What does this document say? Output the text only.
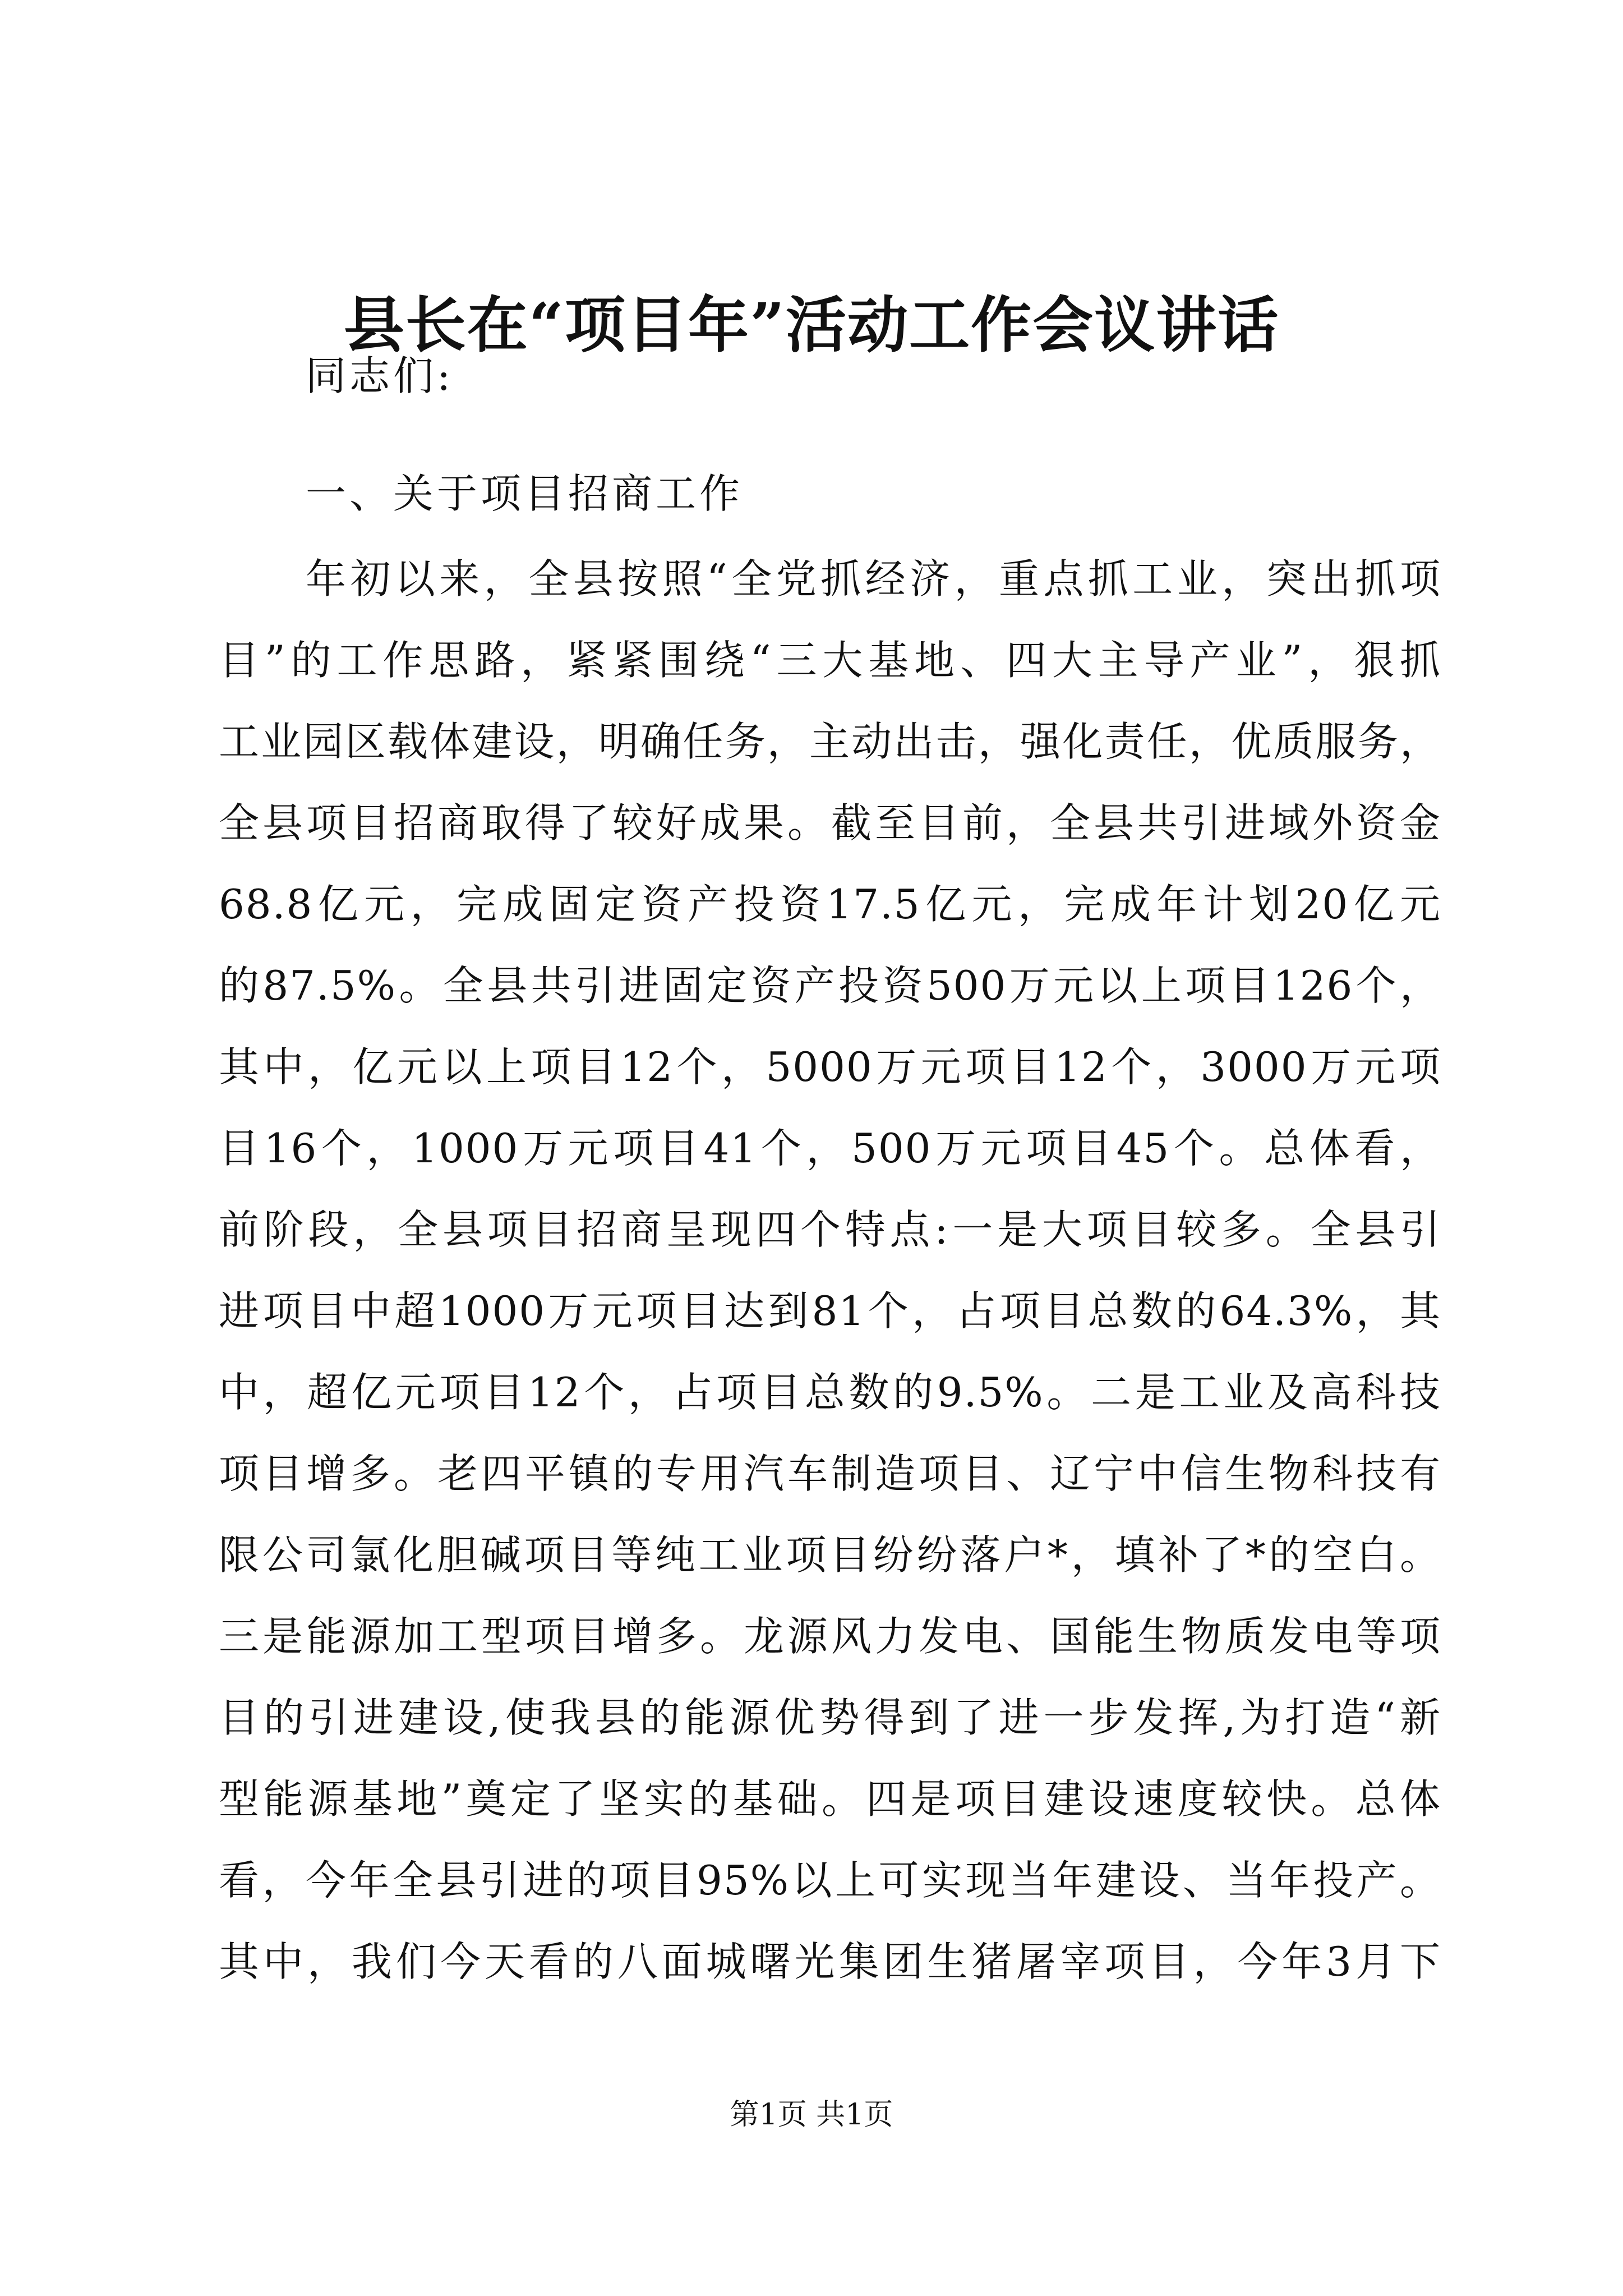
县长在“项目年”活动工作会议讲话

同志们:

一、关于项目招商工作

年初以来，全县按照“全党抓经济，重点抓工业，突出抓项
目”的工作思路，紧紧围绕“三大基地、四大主导产业”，狠抓
工业园区载体建设，明确任务，主动出击，强化责任，优质服务，
全县项目招商取得了较好成果。截至目前，全县共引进域外资金
68.8亿元，完成固定资产投资17.5亿元，完成年计划20亿元
的87.5%。全县共引进固定资产投资500万元以上项目126个，
其中，亿元以上项目12个，5000万元项目12个，3000万元项
目16个，1000万元项目41个，500万元项目45个。总体看，
前阶段，全县项目招商呈现四个特点:一是大项目较多。全县引
进项目中超1000万元项目达到81个，占项目总数的64.3%，其
中，超亿元项目12个，占项目总数的9.5%。二是工业及高科技
项目增多。老四平镇的专用汽车制造项目、辽宁中信生物科技有
限公司氯化胆碱项目等纯工业项目纷纷落户*，填补了*的空白。
三是能源加工型项目增多。龙源风力发电、国能生物质发电等项
目的引进建设,使我县的能源优势得到了进一步发挥,为打造“新
型能源基地”奠定了坚实的基础。四是项目建设速度较快。总体
看，今年全县引进的项目95%以上可实现当年建设、当年投产。
其中，我们今天看的八面城曙光集团生猪屠宰项目，今年3月下
第1页 共1页
